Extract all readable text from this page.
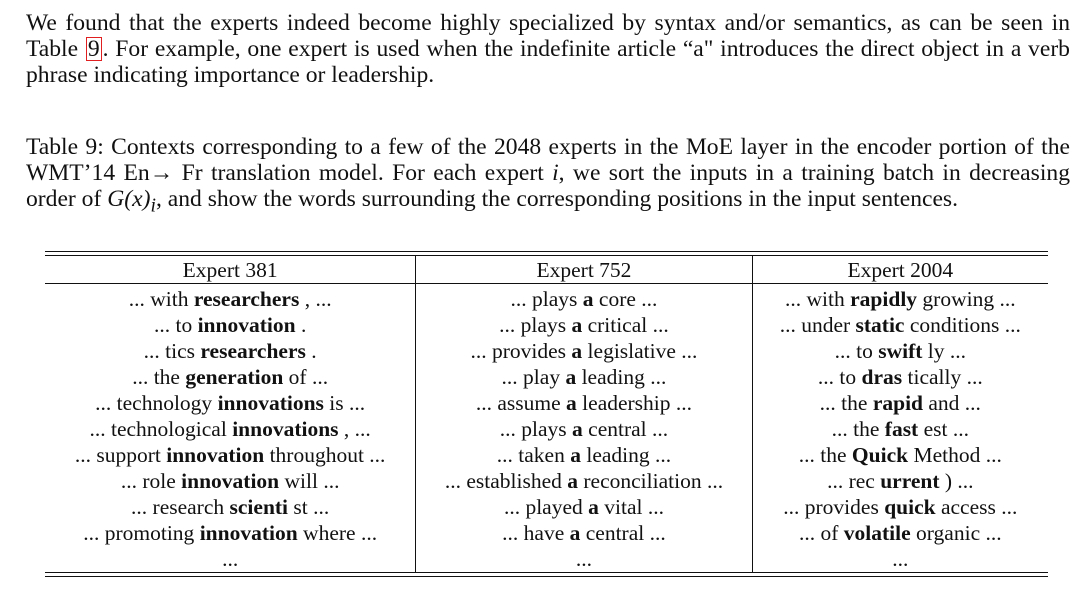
We found that the experts indeed become highly specialized by syntax and/or semantics, as can be seen in Table 9 . For example, one expert is used when the indefinite article “a" introduces the direct object in a verb phrase indicating importance or leadership.
Table 9: Contexts corresponding to a few of the 2048 experts in the MoE layer in the encoder portion of the WMT’14 En→ Fr translation model. For each expert i, we sort the inputs in a training batch in decreasing order of $G(x)_i$, and show the words surrounding the corresponding positions in the input sentences.
Expert 381	Expert 752	Expert 2004
... with researchers , ...	... plays a core ...	... with rapidly growing ...
... to innovation .	... plays a critical ...	... under static conditions ...
... tics researchers .	... provides a legislative ...	... to swift ly ...
... the generation of ...	... play a leading ...	... to dras tically ...
... technology innovations is ...	... assume a leadership ...	... the rapid and ...
... technological innovations , ...	... plays a central ...	... the fast est ...
... support innovation throughout ...	... taken a leading ...	... the Quick Method ...
... role innovation will ...	... established a reconciliation ...	... rec urrent ) ...
... research scienti st ...	... played a vital ...	... provides quick access ...
... promoting innovation where ...	... have a central ...	... of volatile organic ...
...	...	...
